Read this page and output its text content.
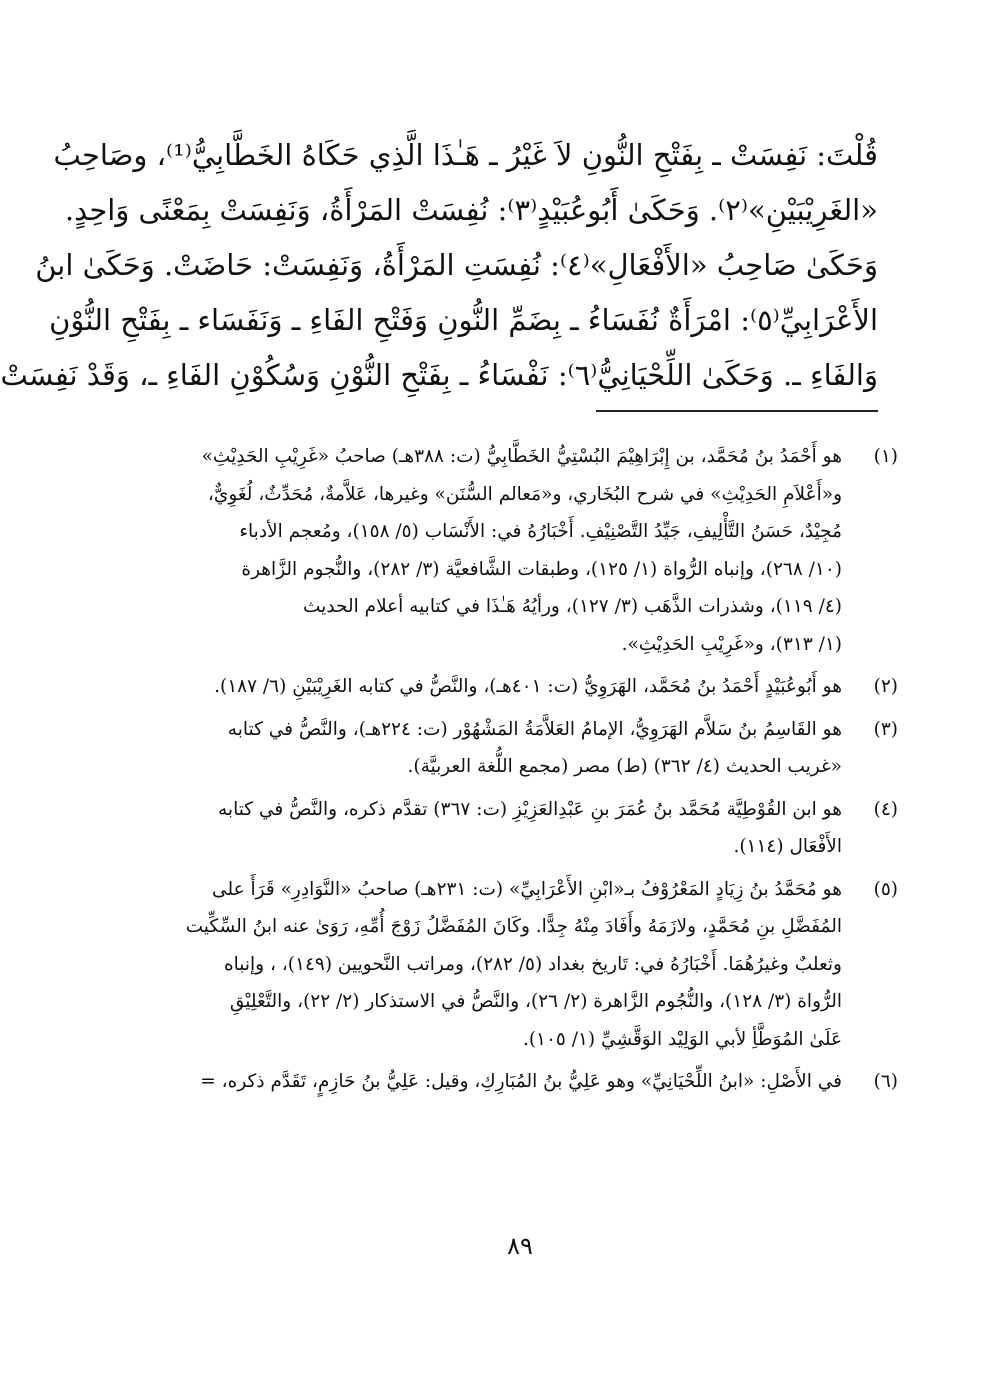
قُلْتَ: نَفِسَتْ ـ بِفَتْحِ النُّونِ لاَ غَيْرُ ـ هَـٰذَا الَّذِي حَكَاهُ الخَطَّابِيُّ⁽¹⁾، وصَاحِبُ
«الغَرِيْبَيْنِ»⁽٢⁾. وَحَكَىٰ أَبُوعُبَيْدٍ⁽٣⁾: نُفِسَتْ المَرْأَةُ، وَنَفِسَتْ بِمَعْنًى وَاحِدٍ.
وَحَكَىٰ صَاحِبُ «الأَفْعَالِ»⁽٤⁾: نُفِسَتِ المَرْأَةُ، وَنَفِسَتْ: حَاضَتْ. وَحَكَىٰ ابنُ
الأَعْرَابِيِّ⁽٥⁾: امْرَأَةٌ نُفَسَاءُ ـ بِضَمِّ النُّونِ وَفَتْحِ الفَاءِ ـ وَنَفَسَاء ـ بِفَتْحِ النُّوْنِ
وَالفَاءِ ـ. وَحَكَىٰ اللِّحْيَانِيُّ⁽٦⁾: نَفْسَاءُ ـ بِفَتْحِ النُّوْنِ وَسُكُوْنِ الفَاءِ ـ، وَقَدْ نَفِسَتْ
(١)
هو أَحْمَدُ بنُ مُحَمَّد، بن إِبْرَاهِيْمَ البُسْتِيُّ الخَطَّابِيُّ (ت: ٣٨٨هـ) صاحبُ «غَرِيْبِ الحَدِيْثِ»
و«أَعْلاَمِ الحَدِيْثِ» في شرح البُخَاري، و«مَعالم السُّنَن» وغيرها، عَلاَّمةٌ، مُحَدِّثٌ، لُغَوِيٌّ،
مُجِيْدٌ، حَسَنُ التَّأْلِيفِ، جَيِّدُ التَّصْنِيْفِ. أَخْبَارُهُ في: الأَنْسَاب (٥/ ١٥٨)، ومُعجم الأدباء
(١٠/ ٢٦٨)، وإنباه الرُّواة (١/ ١٢٥)، وطبقات الشَّافعيَّة (٣/ ٢٨٢)، والنُّجوم الزَّاهرة
(٤/ ١١٩)، وشذرات الذَّهَب (٣/ ١٢٧)، ورأيُهُ هَـٰذَا في كتابيه أعلام الحديث
(١/ ٣١٣)، و«غَرِيْبِ الحَدِيْثِ».
(٢)
هو أَبُوعُبَيْدٍ أَحْمَدُ بنُ مُحَمَّد، الهَرَوِيُّ (ت: ٤٠١هـ)، والنَّصُّ في كتابه الغَرِيْبَيْنِ (٦/ ١٨٧).
(٣)
هو القَاسِمُ بنُ سَلاَّم الهَرَوِيُّ، الإمامُ العَلاَّمَةُ المَشْهُوْر (ت: ٢٢٤هـ)، والنَّصُّ في كتابه
«غريب الحديث (٤/ ٣٦٢) (ط) مصر (مجمع اللُّغة العربيَّة).
(٤)
هو ابن القُوْطِيَّة مُحَمَّد بنُ عُمَرَ بنِ عَبْدِالعَزِيْزِ (ت: ٣٦٧) تقدَّم ذكره، والنَّصُّ في كتابه
الأَفْعَال (١١٤).
(٥)
هو مُحَمَّدُ بنُ زِيَادٍ المَعْرُوْفُ بـ«ابْنِ الأَعْرَابِيِّ» (ت: ٢٣١هـ) صاحبُ «النَّوَادِرِ» قَرَأَ على
المُفَضَّلِ بنِ مُحَمَّدٍ، ولازَمَهُ وأَفَادَ مِنْهُ جِدًّا. وكَانَ المُفَضَّلُ زَوْجَ أُمِّهِ، رَوَىٰ عنه ابنُ السِّكِّيت
وثعلبٌ وغيرُهُمَا. أَخْبَارُهُ في: تَاريخ بغداد (٥/ ٢٨٢)، ومراتب النَّحويين (١٤٩)، ، وإنباه
الرُّواة (٣/ ١٢٨)، والنُّجُوم الزَّاهرة (٢/ ٢٦)، والنَّصُّ في الاستذكار (٢/ ٢٢)، والتَّعْلِيْقِ
عَلَىٰ المُوَطَّأِ لأبي الوَلِيْد الوَقَّشِيِّ (١/ ١٠٥).
(٦)
في الأَصْلِ: «ابنُ اللِّحْيَانِيِّ» وهو عَلِيُّ بنُ المُبَارِكِ، وقيل: عَلِيُّ بنُ حَازِمٍ، تَقَدَّم ذكره، =
٨٩
